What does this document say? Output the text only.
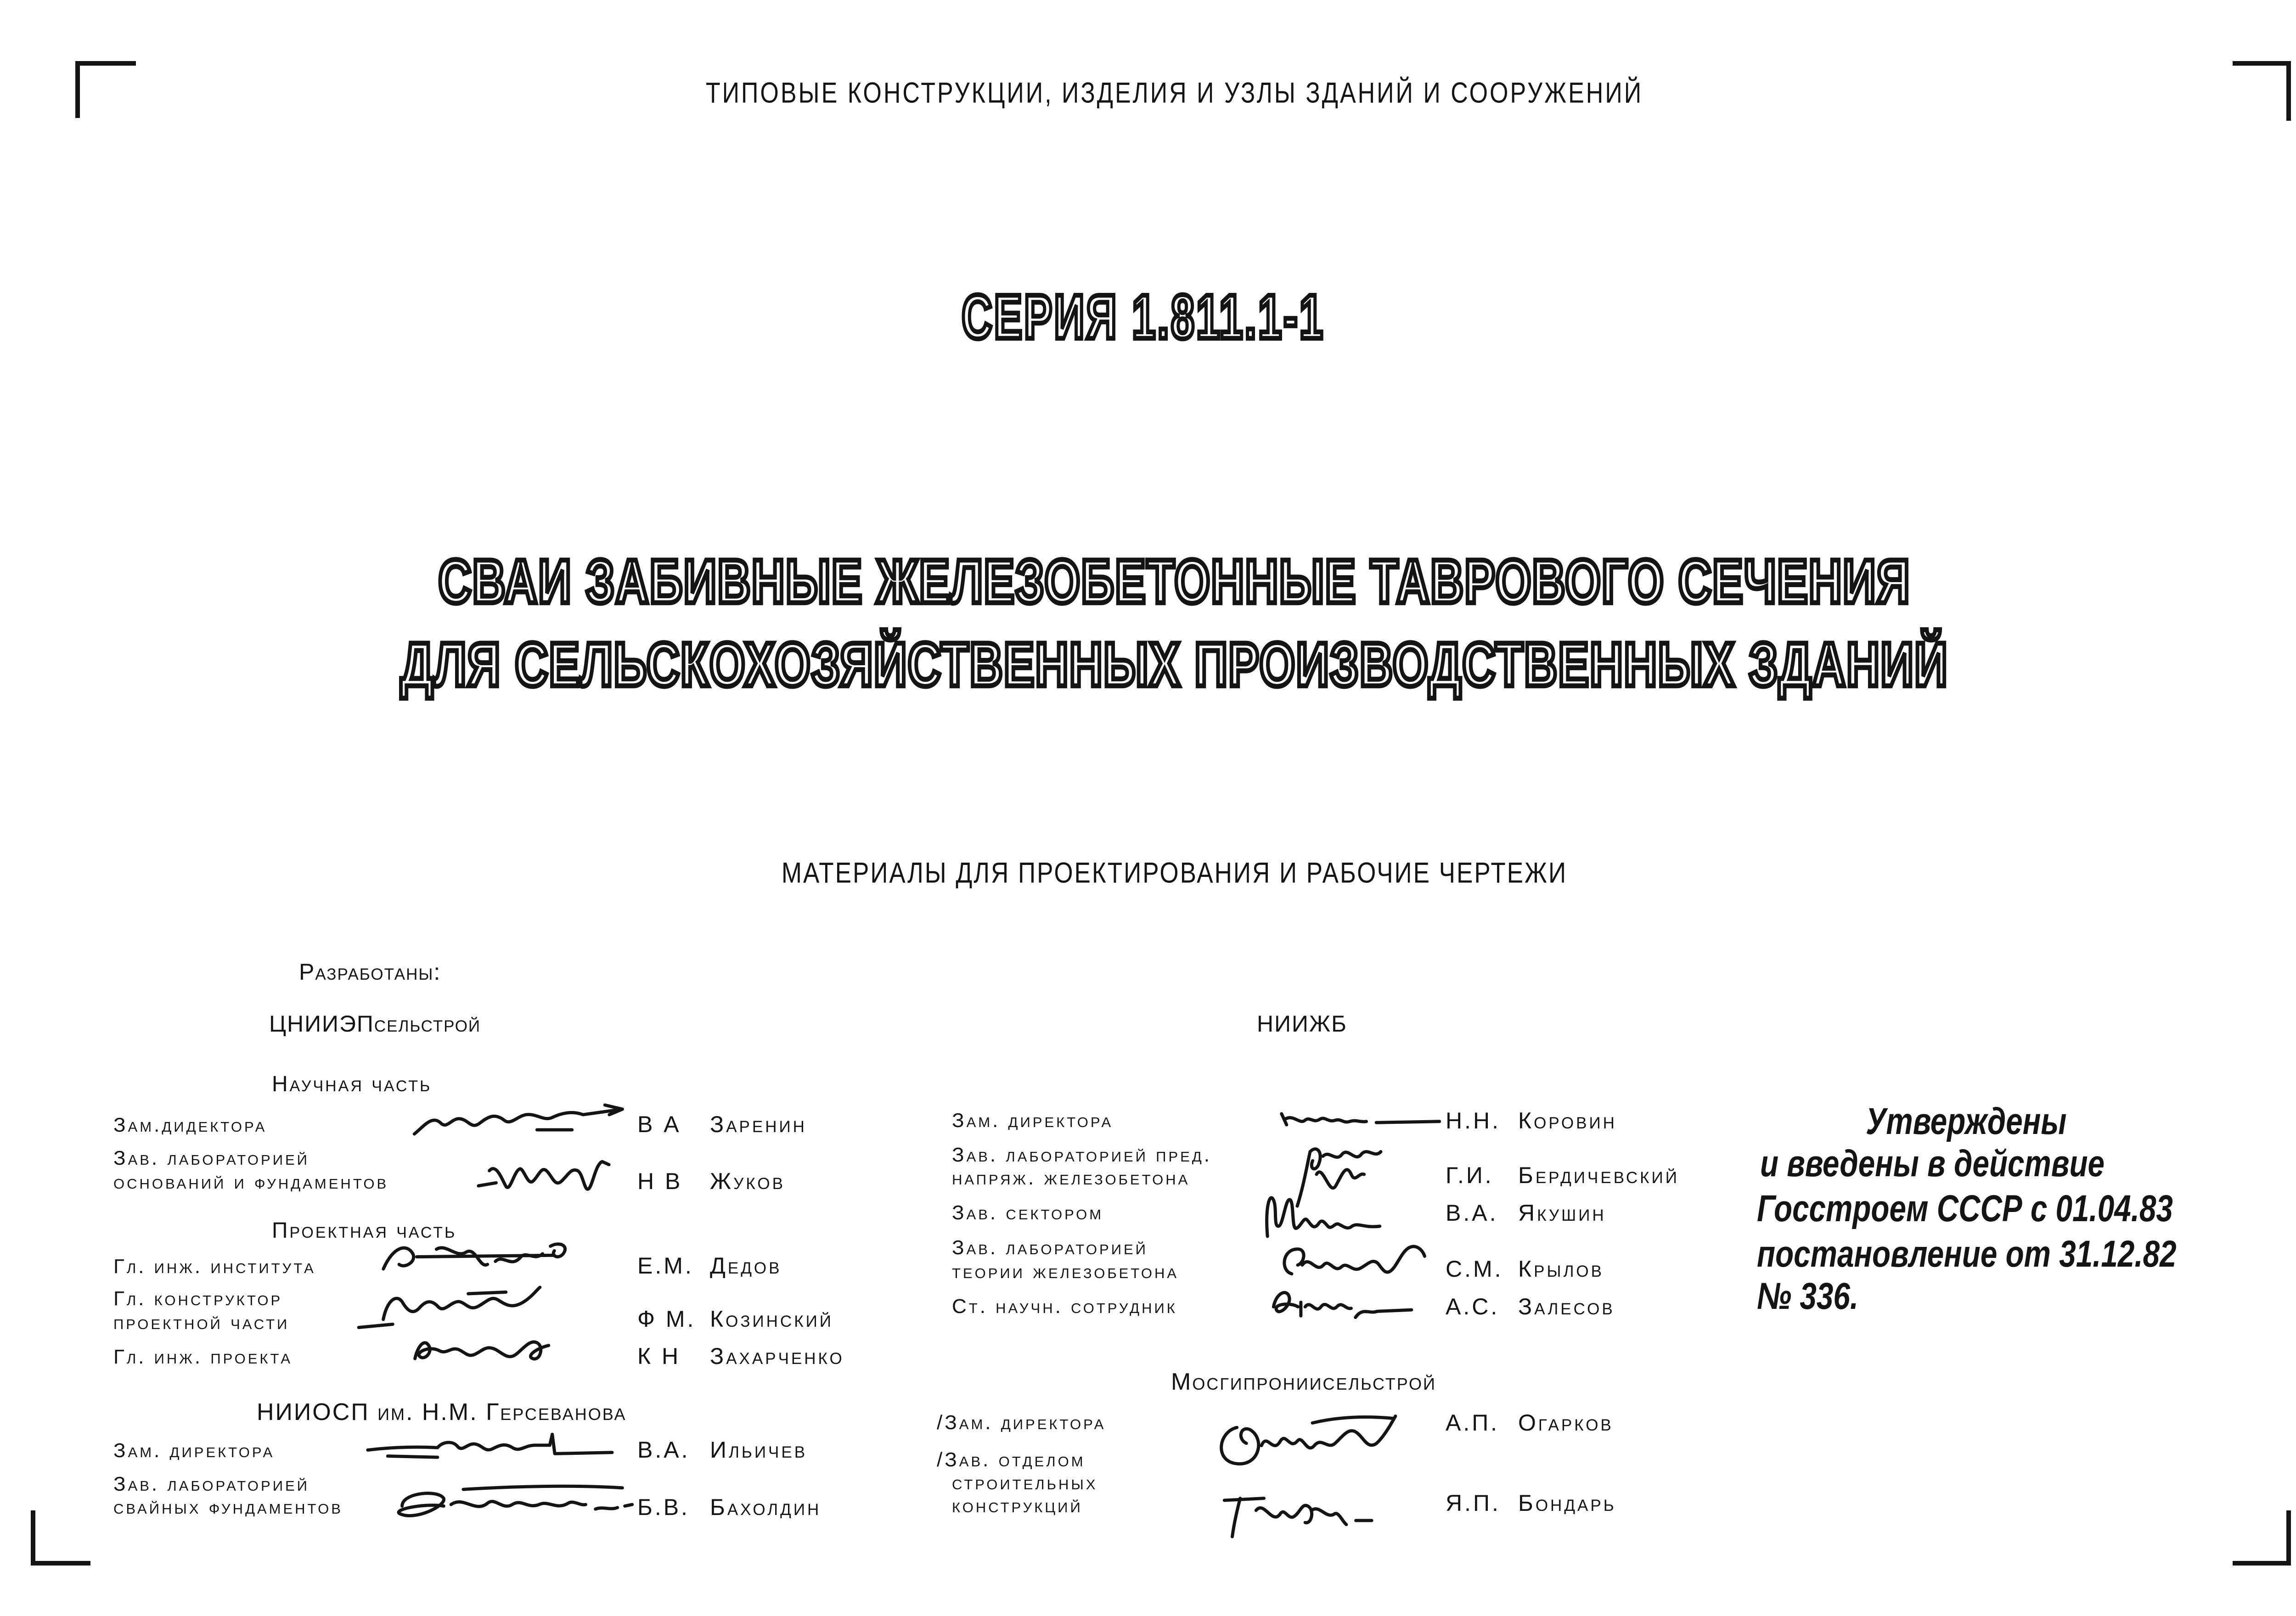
ТИПОВЫЕ КОНСТРУКЦИИ, ИЗДЕЛИЯ И УЗЛЫ ЗДАНИЙ И СООРУЖЕНИЙ
СЕРИЯ 1.811.1-1
СВАИ ЗАБИВНЫЕ ЖЕЛЕЗОБЕТОННЫЕ ТАВРОВОГО СЕЧЕНИЯ
ДЛЯ СЕЛЬСКОХОЗЯЙСТВЕННЫХ ПРОИЗВОДСТВЕННЫХ ЗДАНИЙ
МАТЕРИАЛЫ ДЛЯ ПРОЕКТИРОВАНИЯ И РАБОЧИЕ ЧЕРТЕЖИ
Разработаны:
ЦНИИЭПсельстрой	НИИЖБ
Научная часть
Зам.дидектора	В А Заренин
Зав. лабораторией
оснований и фундаментов	Н В Жуков
Проектная часть
Гл. инж. института	Е.М. Дедов
Гл. конструктор
проектной части	Ф М. Козинский
Гл. инж. проекта	К Н Захарченко
НИИОСП им. Н.М. Герсеванова
Зам. директора	В.А. Ильичев
Зав. лабораторией
свайных фундаментов	Б.В. Бахолдин
Зам. директора	Н.Н. Коровин
Зав. лабораторией пред.
напряж. железобетона	Г.И. Бердичевский
Зав. сектором	В.А. Якушин
Зав. лабораторией
теории железобетона	С.М. Крылов
Ст. научн. сотрудник	А.С. Залесов
Мосгипрониисельстрой
/Зам. директора	А.П. Огарков
/Зав. отделом
строительных
конструкций	Я.П. Бондарь
Утверждены
и введены в действие
Госстроем СССР с 01.04.83
постановление от 31.12.82
№ 336.
